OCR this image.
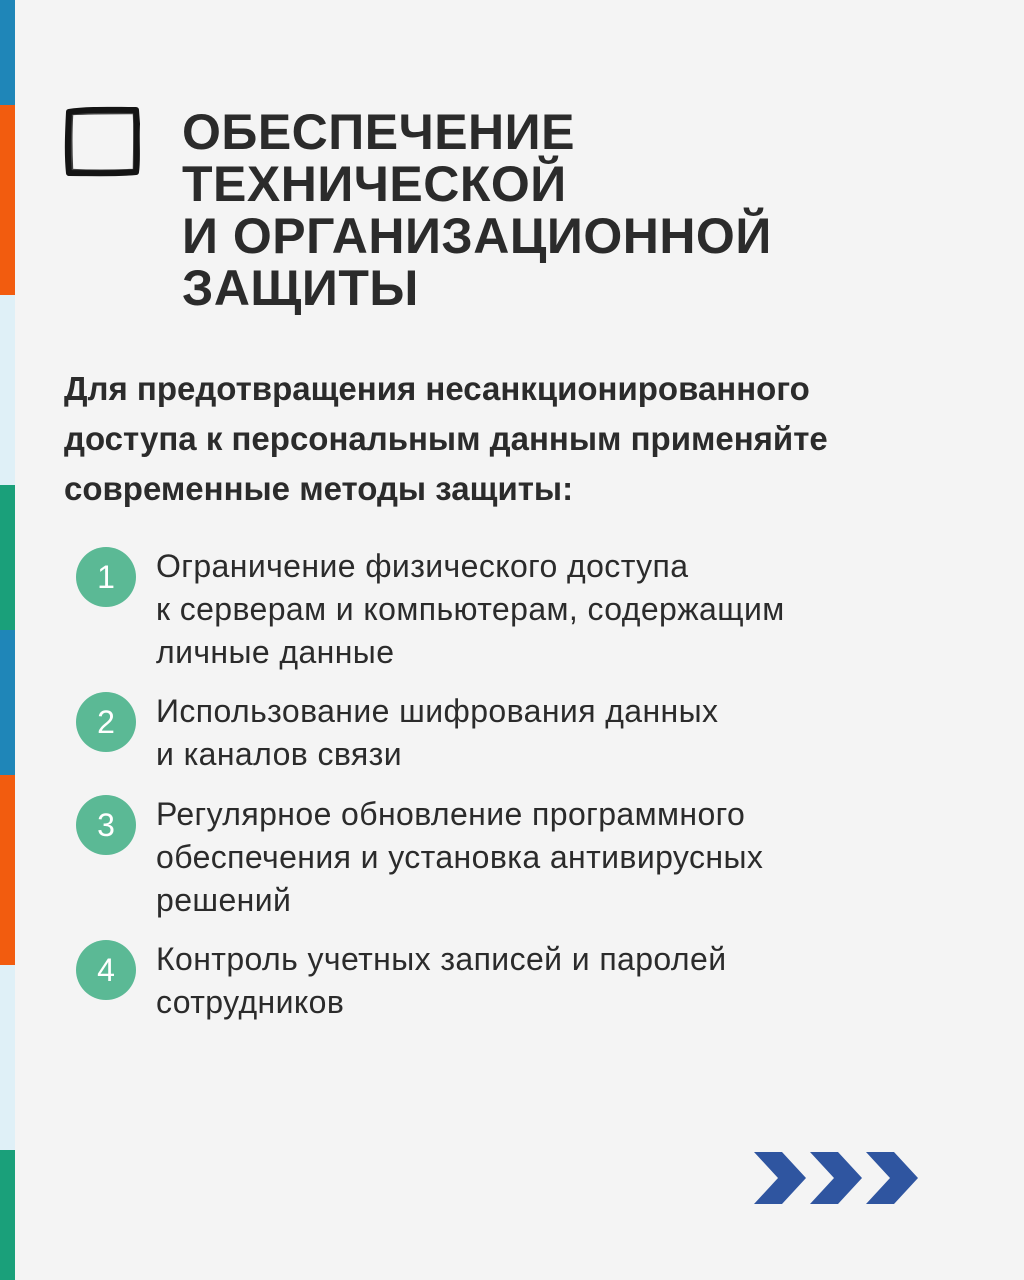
ОБЕСПЕЧЕНИЕ
ТЕХНИЧЕСКОЙ
И ОРГАНИЗАЦИОННОЙ
ЗАЩИТЫ

Для предотвращения несанкционированного
доступа к персональным данным применяйте
современные методы защиты:

1	Ограничение физического доступа
к серверам и компьютерам, содержащим
личные данные

2	Использование шифрования данных
и каналов связи

3	Регулярное обновление программного
обеспечения и установка антивирусных
решений

4	Контроль учетных записей и паролей
сотрудников
